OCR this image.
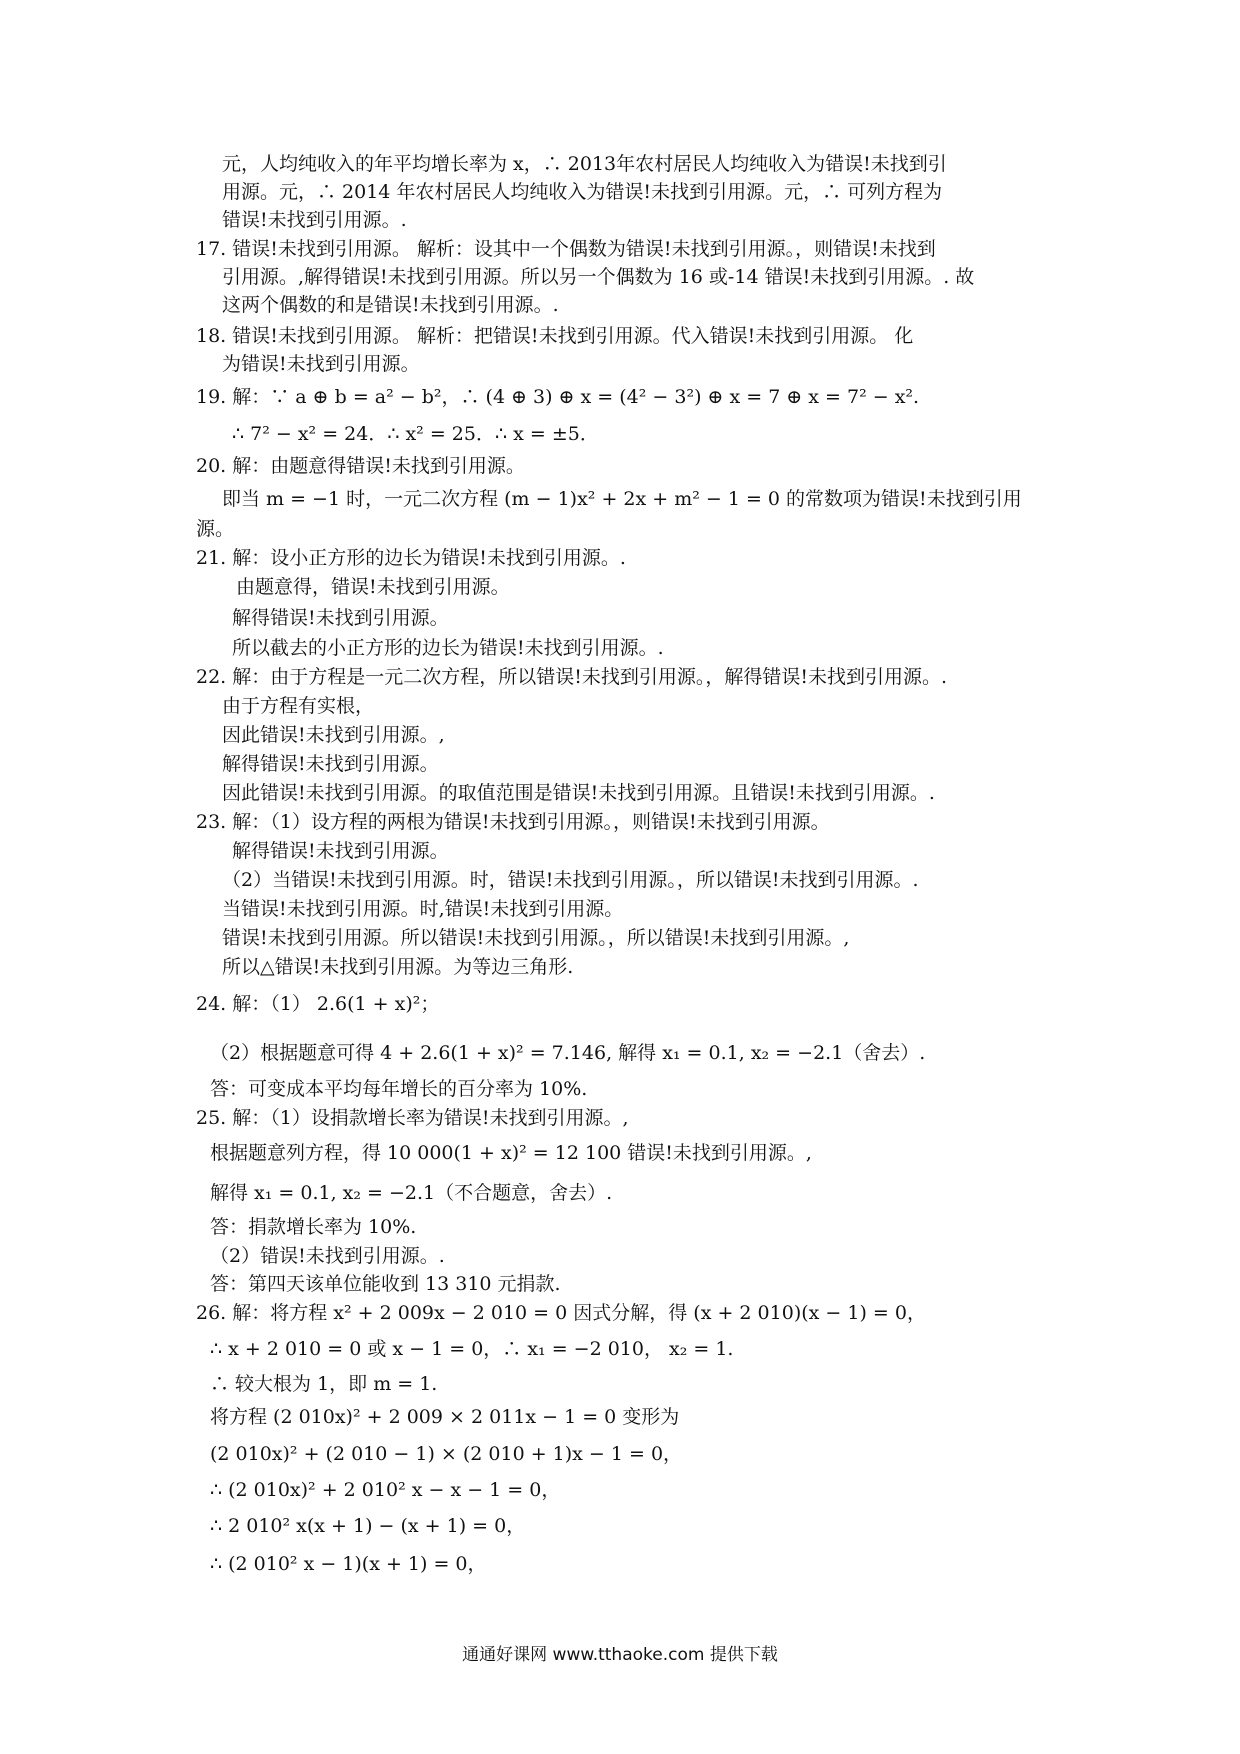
元，人均纯收入的年平均增长率为 x，∴ 2013年农村居民人均纯收入为错误!未找到引
用源。元，∴ 2014 年农村居民人均纯收入为错误!未找到引用源。元，∴ 可列方程为
错误!未找到引用源。.
17. 错误!未找到引用源。 解析：设其中一个偶数为错误!未找到引用源。，则错误!未找到
引用源。,解得错误!未找到引用源。所以另一个偶数为 16 或-14 错误!未找到引用源。. 故
这两个偶数的和是错误!未找到引用源。.
18. 错误!未找到引用源。 解析：把错误!未找到引用源。代入错误!未找到引用源。 化
为错误!未找到引用源。
19. 解：∵ a ⊕ b = a² − b²，∴ (4 ⊕ 3) ⊕ x = (4² − 3²) ⊕ x = 7 ⊕ x = 7² − x².
∴ 7² − x² = 24．∴ x² = 25．∴ x = ±5．
20. 解：由题意得错误!未找到引用源。
即当 m = −1 时，一元二次方程 (m − 1)x² + 2x + m² − 1 = 0 的常数项为错误!未找到引用
源。
21. 解：设小正方形的边长为错误!未找到引用源。.
由题意得，错误!未找到引用源。
解得错误!未找到引用源。
所以截去的小正方形的边长为错误!未找到引用源。.
22. 解：由于方程是一元二次方程，所以错误!未找到引用源。，解得错误!未找到引用源。.
由于方程有实根，
因此错误!未找到引用源。,
解得错误!未找到引用源。
因此错误!未找到引用源。的取值范围是错误!未找到引用源。且错误!未找到引用源。.
23. 解：（1）设方程的两根为错误!未找到引用源。，则错误!未找到引用源。
解得错误!未找到引用源。
（2）当错误!未找到引用源。时，错误!未找到引用源。，所以错误!未找到引用源。.
当错误!未找到引用源。时,错误!未找到引用源。
错误!未找到引用源。所以错误!未找到引用源。，所以错误!未找到引用源。,
所以△错误!未找到引用源。为等边三角形.
24. 解：（1） 2.6(1 + x)²；
（2）根据题意可得 4 + 2.6(1 + x)² = 7.146, 解得 x₁ = 0.1, x₂ = −2.1（舍去）.
答：可变成本平均每年增长的百分率为 10%.
25. 解：（1）设捐款增长率为错误!未找到引用源。,
根据题意列方程，得 10 000(1 + x)² = 12 100 错误!未找到引用源。,
解得 x₁ = 0.1, x₂ = −2.1（不合题意，舍去）.
答：捐款增长率为 10%.
（2）错误!未找到引用源。.
答：第四天该单位能收到 13 310 元捐款.
26. 解：将方程 x² + 2 009x − 2 010 = 0 因式分解，得 (x + 2 010)(x − 1) = 0，
∴ x + 2 010 = 0 或 x − 1 = 0，∴ x₁ = −2 010， x₂ = 1.
∴ 较大根为 1，即 m = 1.
将方程 (2 010x)² + 2 009 × 2 011x − 1 = 0 变形为
(2 010x)² + (2 010 − 1) × (2 010 + 1)x − 1 = 0，
∴ (2 010x)² + 2 010² x − x − 1 = 0，
∴ 2 010² x(x + 1) − (x + 1) = 0，
∴ (2 010² x − 1)(x + 1) = 0，
通通好课网 www.tthaoke.com 提供下载
